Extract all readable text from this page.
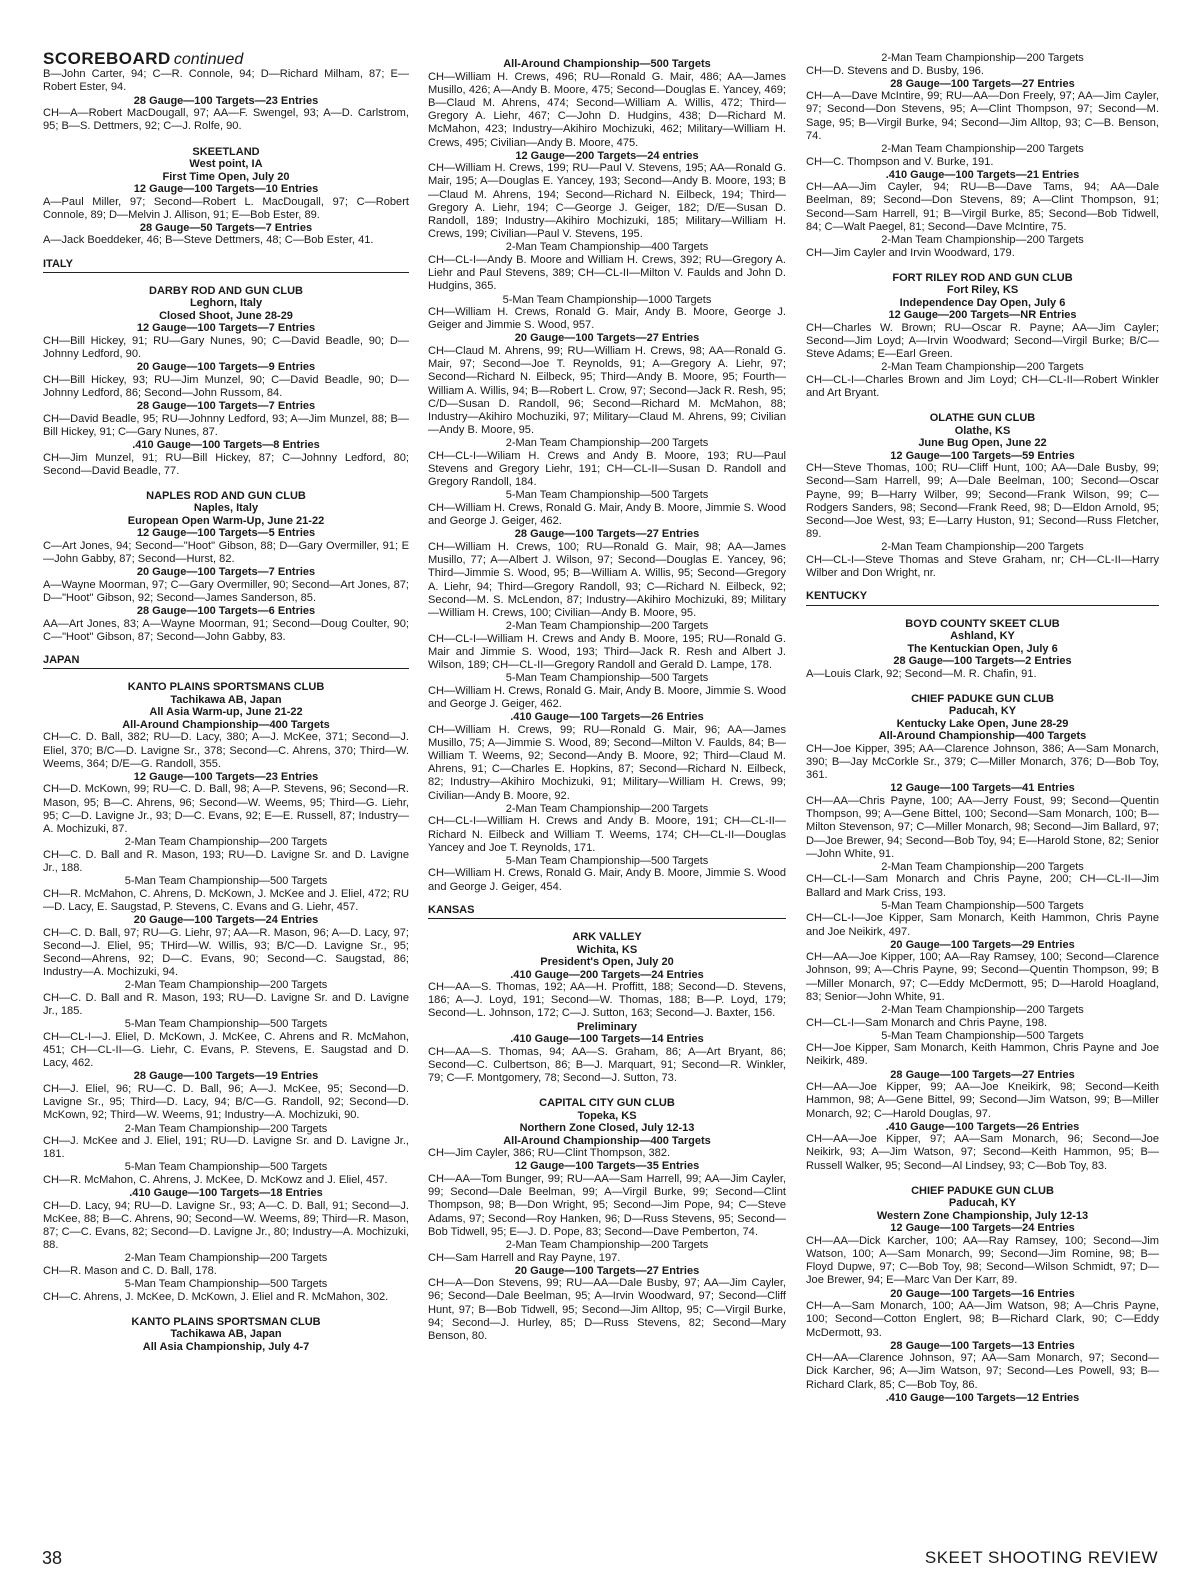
SCOREBOARD continued
B—John Carter, 94; C—R. Connole, 94; D—Richard Milham, 87; E—Robert Ester, 94.
28 Gauge—100 Targets—23 Entries
CH—A—Robert MacDougall, 97; AA—F. Swengel, 93; A—D. Carlstrom, 95; B—S. Dettmers, 92; C—J. Rolfe, 90.
SKEETLAND
West point, IA
First Time Open, July 20
12 Gauge—100 Targets—10 Entries
A—Paul Miller, 97; Second—Robert L. MacDougall, 97; C—Robert Connole, 89; D—Melvin J. Allison, 91; E—Bob Ester, 89.
28 Gauge—50 Targets—7 Entries
A—Jack Boeddeker, 46; B—Steve Dettmers, 48; C—Bob Ester, 41.
ITALY
DARBY ROD AND GUN CLUB
Leghorn, Italy
Closed Shoot, June 28-29
12 Gauge—100 Targets—7 Entries
CH—Bill Hickey, 91; RU—Gary Nunes, 90; C—David Beadle, 90; D—Johnny Ledford, 90.
20 Gauge—100 Targets—9 Entries
CH—Bill Hickey, 93; RU—Jim Munzel, 90; C—David Beadle, 90; D—Johnny Ledford, 86; Second—John Russom, 84.
28 Gauge—100 Targets—7 Entries
CH—David Beadle, 95; RU—Johnny Ledford, 93; A—Jim Munzel, 88; B—Bill Hickey, 91; C—Gary Nunes, 87.
.410 Gauge—100 Targets—8 Entries
CH—Jim Munzel, 91; RU—Bill Hickey, 87; C—Johnny Ledford, 80; Second—David Beadle, 77.
NAPLES ROD AND GUN CLUB
Naples, Italy
European Open Warm-Up, June 21-22
12 Gauge—100 Targets—5 Entries
C—Art Jones, 94; Second—"Hoot" Gibson, 88; D—Gary Overmiller, 91; E—John Gabby, 87; Second—Hurst, 82.
20 Gauge—100 Targets—7 Entries
A—Wayne Moorman, 97; C—Gary Overmiller, 90; Second—Art Jones, 87; D—"Hoot" Gibson, 92; Second—James Sanderson, 85.
28 Gauge—100 Targets—6 Entries
AA—Art Jones, 83; A—Wayne Moorman, 91; Second—Doug Coulter, 90; C—"Hoot" Gibson, 87; Second—John Gabby, 83.
JAPAN
KANTO PLAINS SPORTSMANS CLUB
Tachikawa AB, Japan
All Asia Warm-up, June 21-22
All-Around Championship—400 Targets
CH—C. D. Ball, 382; RU—D. Lacy, 380; A—J. McKee, 371; Second—J. Eliel, 370; B/C—D. Lavigne Sr., 378; Second—C. Ahrens, 370; Third—W. Weems, 364; D/E—G. Randoll, 355.
12 Gauge—100 Targets—23 Entries
CH—D. McKown, 99; RU—C. D. Ball, 98; A—P. Stevens, 96; Second—R. Mason, 95; B—C. Ahrens, 96; Second—W. Weems, 95; Third—G. Liehr, 95; C—D. Lavigne Jr., 93; D—C. Evans, 92; E—E. Russell, 87; Industry—A. Mochizuki, 87.
2-Man Team Championship—200 Targets
CH—C. D. Ball and R. Mason, 193; RU—D. Lavigne Sr. and D. Lavigne Jr., 188.
5-Man Team Championship—500 Targets
CH—R. McMahon, C. Ahrens, D. McKown, J. McKee and J. Eliel, 472; RU—D. Lacy, E. Saugstad, P. Stevens, C. Evans and G. Liehr, 457.
20 Gauge—100 Targets—24 Entries
CH—C. D. Ball, 97; RU—G. Liehr, 97; AA—R. Mason, 96; A—D. Lacy, 97; Second—J. Eliel, 95; THird—W. Willis, 93; B/C—D. Lavigne Sr., 95; Second—Ahrens, 92; D—C. Evans, 90; Second—C. Saugstad, 86; Industry—A. Mochizuki, 94.
2-Man Team Championship—200 Targets
CH—C. D. Ball and R. Mason, 193; RU—D. Lavigne Sr. and D. Lavigne Jr., 185.
5-Man Team Championship—500 Targets
CH—CL-I—J. Eliel, D. McKown, J. McKee, C. Ahrens and R. McMahon, 451; CH—CL-II—G. Liehr, C. Evans, P. Stevens, E. Saugstad and D. Lacy, 462.
28 Gauge—100 Targets—19 Entries
CH—J. Eliel, 96; RU—C. D. Ball, 96; A—J. McKee, 95; Second—D. Lavigne Sr., 95; Third—D. Lacy, 94; B/C—G. Randoll, 92; Second—D. McKown, 92; Third—W. Weems, 91; Industry—A. Mochizuki, 90.
2-Man Team Championship—200 Targets
CH—J. McKee and J. Eliel, 191; RU—D. Lavigne Sr. and D. Lavigne Jr., 181.
5-Man Team Championship—500 Targets
CH—R. McMahon, C. Ahrens, J. McKee, D. McKowz and J. Eliel, 457.
.410 Gauge—100 Targets—18 Entries
CH—D. Lacy, 94; RU—D. Lavigne Sr., 93; A—C. D. Ball, 91; Second—J. McKee, 88; B—C. Ahrens, 90; Second—W. Weems, 89; Third—R. Mason, 87; C—C. Evans, 82; Second—D. Lavigne Jr., 80; Industry—A. Mochizuki, 88.
2-Man Team Championship—200 Targets
CH—R. Mason and C. D. Ball, 178.
5-Man Team Championship—500 Targets
CH—C. Ahrens, J. McKee, D. McKown, J. Eliel and R. McMahon, 302.
KANTO PLAINS SPORTSMAN CLUB
Tachikawa AB, Japan
All Asia Championship, July 4-7
All-Around Championship—500 Targets
CH—William H. Crews, 496; RU—Ronald G. Mair, 486; AA—James Musillo, 426; A—Andy B. Moore, 475; Second—Douglas E. Yancey, 469; B—Claud M. Ahrens, 474; Second—William A. Willis, 472; Third—Gregory A. Liehr, 467; C—John D. Hudgins, 438; D—Richard M. McMahon, 423; Industry—Akihiro Mochizuki, 462; Military—William H. Crews, 495; Civilian—Andy B. Moore, 475.
12 Gauge—200 Targets—24 entries
CH—William H. Crews, 199; RU—Paul V. Stevens, 195; AA—Ronald G. Mair, 195; A—Douglas E. Yancey, 193; Second—Andy B. Moore, 193; B—Claud M. Ahrens, 194; Second—Richard N. Eilbeck, 194; Third—Gregory A. Liehr, 194; C—George J. Geiger, 182; D/E—Susan D. Randoll, 189; Industry—Akihiro Mochizuki, 185; Military—William H. Crews, 199; Civilian—Paul V. Stevens, 195.
2-Man Team Championship—400 Targets
CH—CL-I—Andy B. Moore and William H. Crews, 392; RU—Gregory A. Liehr and Paul Stevens, 389; CH—CL-II—Milton V. Faulds and John D. Hudgins, 365.
5-Man Team Championship—1000 Targets
CH—William H. Crews, Ronald G. Mair, Andy B. Moore, George J. Geiger and Jimmie S. Wood, 957.
20 Gauge—100 Targets—27 Entries
CH—Claud M. Ahrens, 99; RU—William H. Crews, 98; AA—Ronald G. Mair, 97; Second—Joe T. Reynolds, 91; A—Gregory A. Liehr, 97; Second—Richard N. Eilbeck, 95; Third—Andy B. Moore, 95; Fourth—William A. Willis, 94; B—Robert L. Crow, 97; Second—Jack R. Resh, 95; C/D—Susan D. Randoll, 96; Second—Richard M. McMahon, 88; Industry—Akihiro Mochuziki, 97; Military—Claud M. Ahrens, 99; Civilian—Andy B. Moore, 95.
2-Man Team Championship—200 Targets
CH—CL-I—Wiliam H. Crews and Andy B. Moore, 193; RU—Paul Stevens and Gregory Liehr, 191; CH—CL-II—Susan D. Randoll and Gregory Randoll, 184.
5-Man Team Championship—500 Targets
CH—William H. Crews, Ronald G. Mair, Andy B. Moore, Jimmie S. Wood and George J. Geiger, 462.
28 Gauge—100 Targets—27 Entries
CH—William H. Crews, 100; RU—Ronald G. Mair, 98; AA—James Musillo, 77; A—Albert J. Wilson, 97; Second—Douglas E. Yancey, 96; Third—Jimmie S. Wood, 95; B—William A. Willis, 95; Second—Gregory A. Liehr, 94; Third—Gregory Randoll, 93; C—Richard N. Eilbeck, 92; Second—M. S. McLendon, 87; Industry—Akihiro Mochizuki, 89; Military—William H. Crews, 100; Civilian—Andy B. Moore, 95.
2-Man Team Championship—200 Targets
CH—CL-I—William H. Crews and Andy B. Moore, 195; RU—Ronald G. Mair and Jimmie S. Wood, 193; Third—Jack R. Resh and Albert J. Wilson, 189; CH—CL-II—Gregory Randoll and Gerald D. Lampe, 178.
5-Man Team Championship—500 Targets
CH—William H. Crews, Ronald G. Mair, Andy B. Moore, Jimmie S. Wood and George J. Geiger, 462.
.410 Gauge—100 Targets—26 Entries
CH—William H. Crews, 99; RU—Ronald G. Mair, 96; AA—James Musillo, 75; A—Jimmie S. Wood, 89; Second—Milton V. Faulds, 84; B—William T. Weems, 92; Second—Andy B. Moore, 92; Third—Claud M. Ahrens, 91; C—Charles E. Hopkins, 87; Second—Richard N. Eilbeck, 82; Industry—Akihiro Mochizuki, 91; Military—William H. Crews, 99; Civilian—Andy B. Moore, 92.
2-Man Team Championship—200 Targets
CH—CL-I—William H. Crews and Andy B. Moore, 191; CH—CL-II—Richard N. Eilbeck and William T. Weems, 174; CH—CL-II—Douglas Yancey and Joe T. Reynolds, 171.
5-Man Team Championship—500 Targets
CH—William H. Crews, Ronald G. Mair, Andy B. Moore, Jimmie S. Wood and George J. Geiger, 454.
KANSAS
ARK VALLEY
Wichita, KS
President's Open, July 20
.410 Gauge—200 Targets—24 Entries
CH—AA—S. Thomas, 192; AA—H. Proffitt, 188; Second—D. Stevens, 186; A—J. Loyd, 191; Second—W. Thomas, 188; B—P. Loyd, 179; Second—L. Johnson, 172; C—J. Sutton, 163; Second—J. Baxter, 156.
Preliminary
.410 Gauge—100 Targets—14 Entries
CH—AA—S. Thomas, 94; AA—S. Graham, 86; A—Art Bryant, 86; Second—C. Culbertson, 86; B—J. Marquart, 91; Second—R. Winkler, 79; C—F. Montgomery, 78; Second—J. Sutton, 73.
CAPITAL CITY GUN CLUB
Topeka, KS
Northern Zone Closed, July 12-13
All-Around Championship—400 Targets
CH—Jim Cayler, 386; RU—Clint Thompson, 382.
12 Gauge—100 Targets—35 Entries
CH—AA—Tom Bunger, 99; RU—AA—Sam Harrell, 99; AA—Jim Cayler, 99; Second—Dale Beelman, 99; A—Virgil Burke, 99; Second—Clint Thompson, 98; B—Don Wright, 95; Second—Jim Pope, 94; C—Steve Adams, 97; Second—Roy Hanken, 96; D—Russ Stevens, 95; Second—Bob Tidwell, 95; E—J. D. Pope, 83; Second—Dave Pemberton, 74.
2-Man Team Championship—200 Targets
CH—Sam Harrell and Ray Payne, 197.
20 Gauge—100 Targets—27 Entries
CH—A—Don Stevens, 99; RU—AA—Dale Busby, 97; AA—Jim Cayler, 96; Second—Dale Beelman, 95; A—Irvin Woodward, 97; Second—Cliff Hunt, 97; B—Bob Tidwell, 95; Second—Jim Alltop, 95; C—Virgil Burke, 94; Second—J. Hurley, 85; D—Russ Stevens, 82; Second—Mary Benson, 80.
2-Man Team Championship—200 Targets
CH—D. Stevens and D. Busby, 196.
28 Gauge—100 Targets—27 Entries
CH—A—Dave McIntire, 99; RU—AA—Don Freely, 97; AA—Jim Cayler, 97; Second—Don Stevens, 95; A—Clint Thompson, 97; Second—M. Sage, 95; B—Virgil Burke, 94; Second—Jim Alltop, 93; C—B. Benson, 74.
2-Man Team Championship—200 Targets
CH—C. Thompson and V. Burke, 191.
.410 Gauge—100 Targets—21 Entries
CH—AA—Jim Cayler, 94; RU—B—Dave Tams, 94; AA—Dale Beelman, 89; Second—Don Stevens, 89; A—Clint Thompson, 91; Second—Sam Harrell, 91; B—Virgil Burke, 85; Second—Bob Tidwell, 84; C—Walt Paegel, 81; Second—Dave McIntire, 75.
2-Man Team Championship—200 Targets
CH—Jim Cayler and Irvin Woodward, 179.
FORT RILEY ROD AND GUN CLUB
Fort Riley, KS
Independence Day Open, July 6
12 Gauge—200 Targets—NR Entries
CH—Charles W. Brown; RU—Oscar R. Payne; AA—Jim Cayler; Second—Jim Loyd; A—Irvin Woodward; Second—Virgil Burke; B/C—Steve Adams; E—Earl Green.
2-Man Team Championship—200 Targets
CH—CL-I—Charles Brown and Jim Loyd; CH—CL-II—Robert Winkler and Art Bryant.
OLATHE GUN CLUB
Olathe, KS
June Bug Open, June 22
12 Gauge—100 Targets—59 Entries
CH—Steve Thomas, 100; RU—Cliff Hunt, 100; AA—Dale Busby, 99; Second—Sam Harrell, 99; A—Dale Beelman, 100; Second—Oscar Payne, 99; B—Harry Wilber, 99; Second—Frank Wilson, 99; C—Rodgers Sanders, 98; Second—Frank Reed, 98; D—Eldon Arnold, 95; Second—Joe West, 93; E—Larry Huston, 91; Second—Russ Fletcher, 89.
2-Man Team Championship—200 Targets
CH—CL-I—Steve Thomas and Steve Graham, nr; CH—CL-II—Harry Wilber and Don Wright, nr.
KENTUCKY
BOYD COUNTY SKEET CLUB
Ashland, KY
The Kentuckian Open, July 6
28 Gauge—100 Targets—2 Entries
A—Louis Clark, 92; Second—M. R. Chafin, 91.
CHIEF PADUKE GUN CLUB
Paducah, KY
Kentucky Lake Open, June 28-29
All-Around Championship—400 Targets
CH—Joe Kipper, 395; AA—Clarence Johnson, 386; A—Sam Monarch, 390; B—Jay McCorkle Sr., 379; C—Miller Monarch, 376; D—Bob Toy, 361.
12 Gauge—100 Targets—41 Entries
CH—AA—Chris Payne, 100; AA—Jerry Foust, 99; Second—Quentin Thompson, 99; A—Gene Bittel, 100; Second—Sam Monarch, 100; B—Milton Stevenson, 97; C—Miller Monarch, 98; Second—Jim Ballard, 97; D—Joe Brewer, 94; Second—Bob Toy, 94; E—Harold Stone, 82; Senior—John White, 91.
2-Man Team Championship—200 Targets
CH—CL-I—Sam Monarch and Chris Payne, 200; CH—CL-II—Jim Ballard and Mark Criss, 193.
5-Man Team Championship—500 Targets
CH—CL-I—Joe Kipper, Sam Monarch, Keith Hammon, Chris Payne and Joe Neikirk, 497.
20 Gauge—100 Targets—29 Entries
CH—AA—Joe Kipper, 100; AA—Ray Ramsey, 100; Second—Clarence Johnson, 99; A—Chris Payne, 99; Second—Quentin Thompson, 99; B—Miller Monarch, 97; C—Eddy McDermott, 95; D—Harold Hoagland, 83; Senior—John White, 91.
2-Man Team Championship—200 Targets
CH—CL-I—Sam Monarch and Chris Payne, 198.
5-Man Team Championship—500 Targets
CH—Joe Kipper, Sam Monarch, Keith Hammon, Chris Payne and Joe Neikirk, 489.
28 Gauge—100 Targets—27 Entries
CH—AA—Joe Kipper, 99; AA—Joe Kneikirk, 98; Second—Keith Hammon, 98; A—Gene Bittel, 99; Second—Jim Watson, 99; B—Miller Monarch, 92; C—Harold Douglas, 97.
.410 Gauge—100 Targets—26 Entries
CH—AA—Joe Kipper, 97; AA—Sam Monarch, 96; Second—Joe Neikirk, 93; A—Jim Watson, 97; Second—Keith Hammon, 95; B—Russell Walker, 95; Second—Al Lindsey, 93; C—Bob Toy, 83.
CHIEF PADUKE GUN CLUB
Paducah, KY
Western Zone Championship, July 12-13
12 Gauge—100 Targets—24 Entries
CH—AA—Dick Karcher, 100; AA—Ray Ramsey, 100; Second—Jim Watson, 100; A—Sam Monarch, 99; Second—Jim Romine, 98; B—Floyd Dupwe, 97; C—Bob Toy, 98; Second—Wilson Schmidt, 97; D—Joe Brewer, 94; E—Marc Van Der Karr, 89.
20 Gauge—100 Targets—16 Entries
CH—A—Sam Monarch, 100; AA—Jim Watson, 98; A—Chris Payne, 100; Second—Cotton Englert, 98; B—Richard Clark, 90; C—Eddy McDermott, 93.
28 Gauge—100 Targets—13 Entries
CH—AA—Clarence Johnson, 97; AA—Sam Monarch, 97; Second—Dick Karcher, 96; A—Jim Watson, 97; Second—Les Powell, 93; B—Richard Clark, 85; C—Bob Toy, 86.
.410 Gauge—100 Targets—12 Entries
38	SKEET SHOOTING REVIEW
